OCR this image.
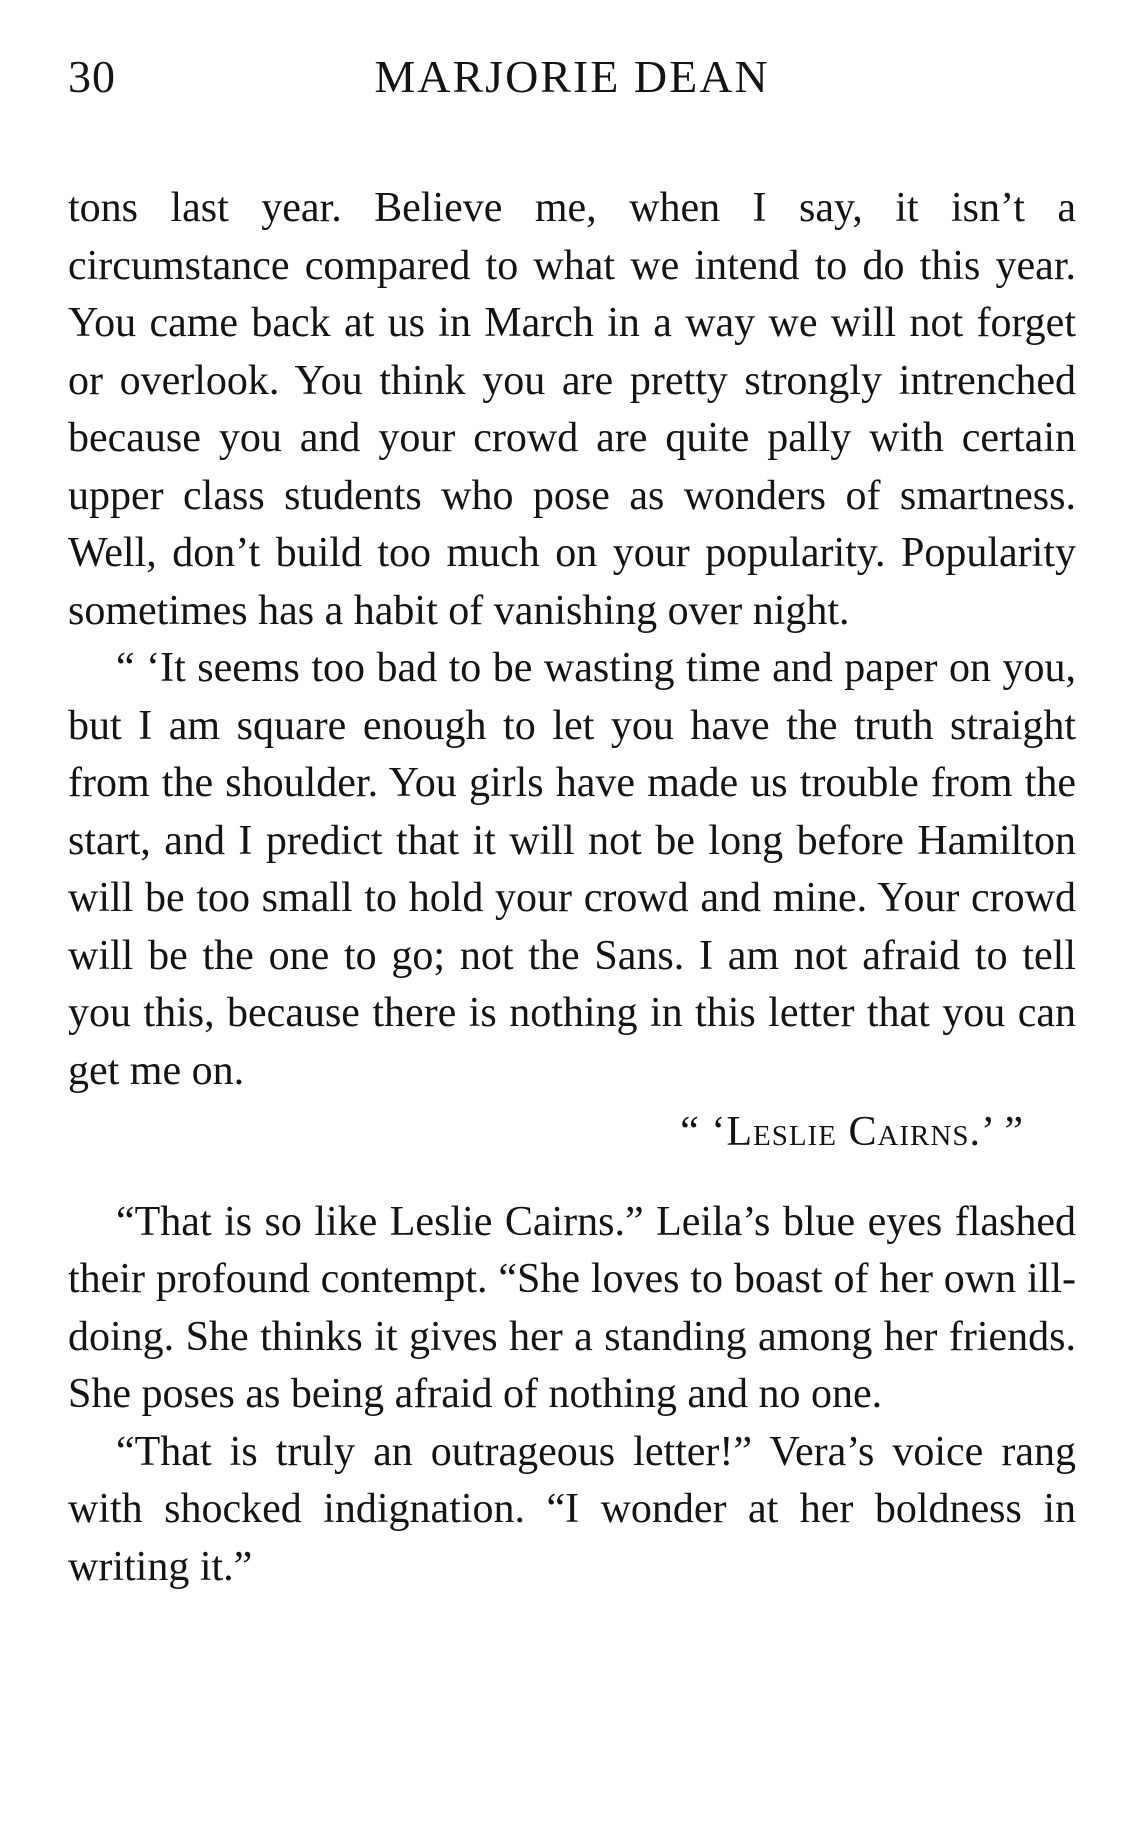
30	MARJORIE DEAN

tons last year. Believe me, when I say, it isn’t a circumstance compared to what we intend to do this year. You came back at us in March in a way we will not forget or overlook. You think you are pretty strongly intrenched because you and your crowd are quite pally with certain upper class students who pose as wonders of smartness. Well, don’t build too much on your popularity. Popularity sometimes has a habit of vanishing over night.

“ ‘It seems too bad to be wasting time and paper on you, but I am square enough to let you have the truth straight from the shoulder. You girls have made us trouble from the start, and I predict that it will not be long before Hamilton will be too small to hold your crowd and mine. Your crowd will be the one to go; not the Sans. I am not afraid to tell you this, because there is nothing in this letter that you can get me on.

“ ‘Leslie Cairns.’ ”

“That is so like Leslie Cairns.” Leila’s blue eyes flashed their profound contempt. “She loves to boast of her own ill-doing. She thinks it gives her a standing among her friends. She poses as being afraid of nothing and no one.

“That is truly an outrageous letter!” Vera’s voice rang with shocked indignation. “I wonder at her boldness in writing it.”
